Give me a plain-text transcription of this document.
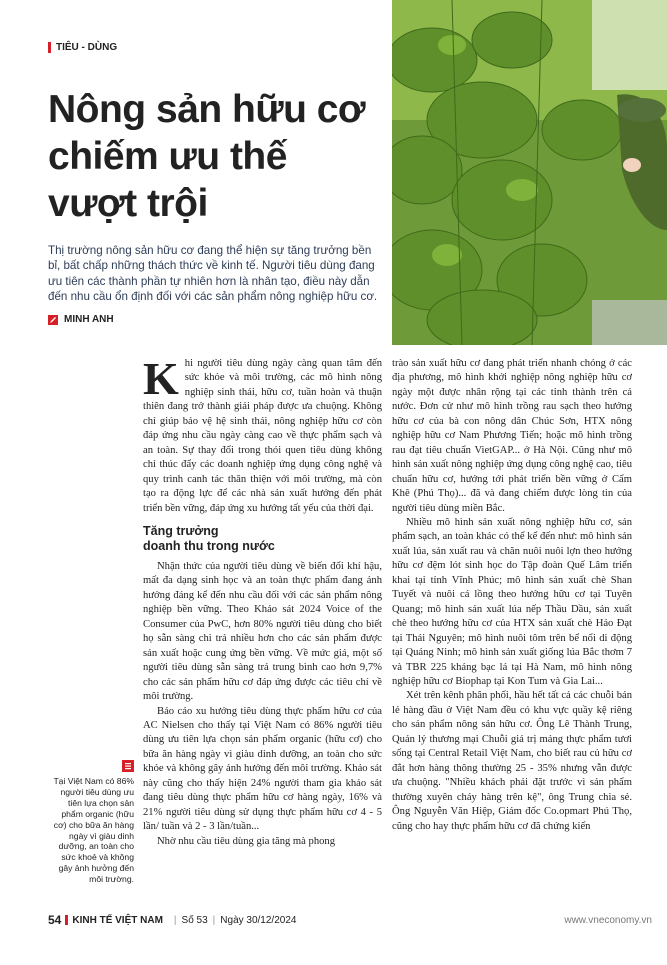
TIÊU - DÙNG
Nông sản hữu cơ
chiếm ưu thế
vượt trội

Thị trường nông sản hữu cơ đang thể hiện sự tăng trưởng bền bỉ, bất chấp những thách thức về kinh tế. Người tiêu dùng đang ưu tiên các thành phần tự nhiên hơn là nhân tạo, điều này dẫn đến nhu cầu ổn định đối với các sản phẩm nông nghiệp hữu cơ.

MINH ANH

Khi người tiêu dùng ngày càng quan tâm đến sức khỏe và môi trường, các mô hình nông nghiệp sinh thái, hữu cơ, tuần hoàn và thuận thiên đang trở thành giải pháp được ưa chuộng. Không chỉ giúp bảo vệ hệ sinh thái, nông nghiệp hữu cơ còn đáp ứng nhu cầu ngày càng cao về thực phẩm sạch và an toàn. Sự thay đổi trong thói quen tiêu dùng không chỉ thúc đẩy các doanh nghiệp ứng dụng công nghệ và quy trình canh tác thân thiện với môi trường, mà còn tạo ra động lực để các nhà sản xuất hướng đến phát triển bền vững, đáp ứng xu hướng tất yếu của thời đại.

Tăng trưởng
doanh thu trong nước

Nhận thức của người tiêu dùng về biến đổi khí hậu, mất đa dạng sinh học và an toàn thực phẩm đang ảnh hưởng đáng kể đến nhu cầu đối với các sản phẩm nông nghiệp bền vững. Theo Khảo sát 2024 Voice of the Consumer của PwC, hơn 80% người tiêu dùng cho biết họ sẵn sàng chi trả nhiều hơn cho các sản phẩm được sản xuất hoặc cung ứng bền vững. Về mức giá, một số người tiêu dùng sẵn sàng trả trung bình cao hơn 9,7% cho các sản phẩm hữu cơ đáp ứng được các tiêu chí về môi trường.

Báo cáo xu hướng tiêu dùng thực phẩm hữu cơ của AC Nielsen cho thấy tại Việt Nam có 86% người tiêu dùng ưu tiên lựa chọn sản phẩm organic (hữu cơ) cho bữa ăn hàng ngày vì giàu dinh dưỡng, an toàn cho sức khỏe và không gây ảnh hưởng đến môi trường. Khảo sát này cũng cho thấy hiện 24% người tham gia khảo sát đang tiêu dùng thực phẩm hữu cơ hàng ngày, 16% và 21% người tiêu dùng sử dụng thực phẩm hữu cơ 4 - 5 lần/ tuần và 2 - 3 lần/tuần...

Nhờ nhu cầu tiêu dùng gia tăng mà phong

trào sản xuất hữu cơ đang phát triển nhanh chóng ở các địa phương, mô hình khởi nghiệp nông nghiệp hữu cơ ngày một được nhân rộng tại các tỉnh thành trên cả nước. Đơn cử như mô hình trồng rau sạch theo hướng hữu cơ của bà con nông dân Chúc Sơn, HTX nông nghiệp hữu cơ Nam Phương Tiến; hoặc mô hình trồng rau đạt tiêu chuẩn VietGAP... ở Hà Nội. Cũng như mô hình sản xuất nông nghiệp ứng dụng công nghệ cao, tiêu chuẩn hữu cơ, hướng tới phát triển bền vững ở Cẩm Khê (Phú Thọ)... đã và đang chiếm được lòng tin của người tiêu dùng miền Bắc.

Nhiều mô hình sản xuất nông nghiệp hữu cơ, sản phẩm sạch, an toàn khác có thể kể đến như: mô hình sản xuất lúa, sản xuất rau và chăn nuôi nuôi lợn theo hướng hữu cơ đệm lót sinh học do Tập đoàn Quế Lâm triển khai tại tỉnh Vĩnh Phúc; mô hình sản xuất chè Shan Tuyết và nuôi cá lồng theo hướng hữu cơ tại Tuyên Quang; mô hình sản xuất lúa nếp Thầu Dầu, sản xuất chè theo hướng hữu cơ của HTX sản xuất chè Hảo Đạt tại Thái Nguyên; mô hình nuôi tôm trên bể nổi di động tại Quảng Ninh; mô hình sản xuất giống lúa Bắc thơm 7 và TBR 225 kháng bạc lá tại Hà Nam, mô hình nông nghiệp hữu cơ Biophap tại Kon Tum và Gia Lai...

Xét trên kênh phân phối, hầu hết tất cả các chuỗi bán lẻ hàng đầu ở Việt Nam đều có khu vực quầy kệ riêng cho sản phẩm nông sản hữu cơ. Ông Lê Thành Trung, Quản lý thương mại Chuỗi giá trị mảng thực phẩm tươi sống tại Central Retail Việt Nam, cho biết rau củ hữu cơ đắt hơn hàng thông thường 25 - 35% nhưng vẫn được ưa chuộng. "Nhiều khách phải đặt trước vì sản phẩm thường xuyên cháy hàng trên kệ", ông Trung chia sẻ. Ông Nguyễn Văn Hiệp, Giám đốc Co.opmart Phú Thọ, cũng cho hay thực phẩm hữu cơ đã chứng kiến

Tại Việt Nam có 86% người tiêu dùng ưu tiên lựa chọn sản phẩm organic (hữu cơ) cho bữa ăn hàng ngày vì giàu dinh dưỡng, an toàn cho sức khoẻ và không gây ảnh hưởng đến môi trường.
54 KINH TẾ VIỆT NAM | Số 53 | Ngày 30/12/2024	www.vneconomy.vn
